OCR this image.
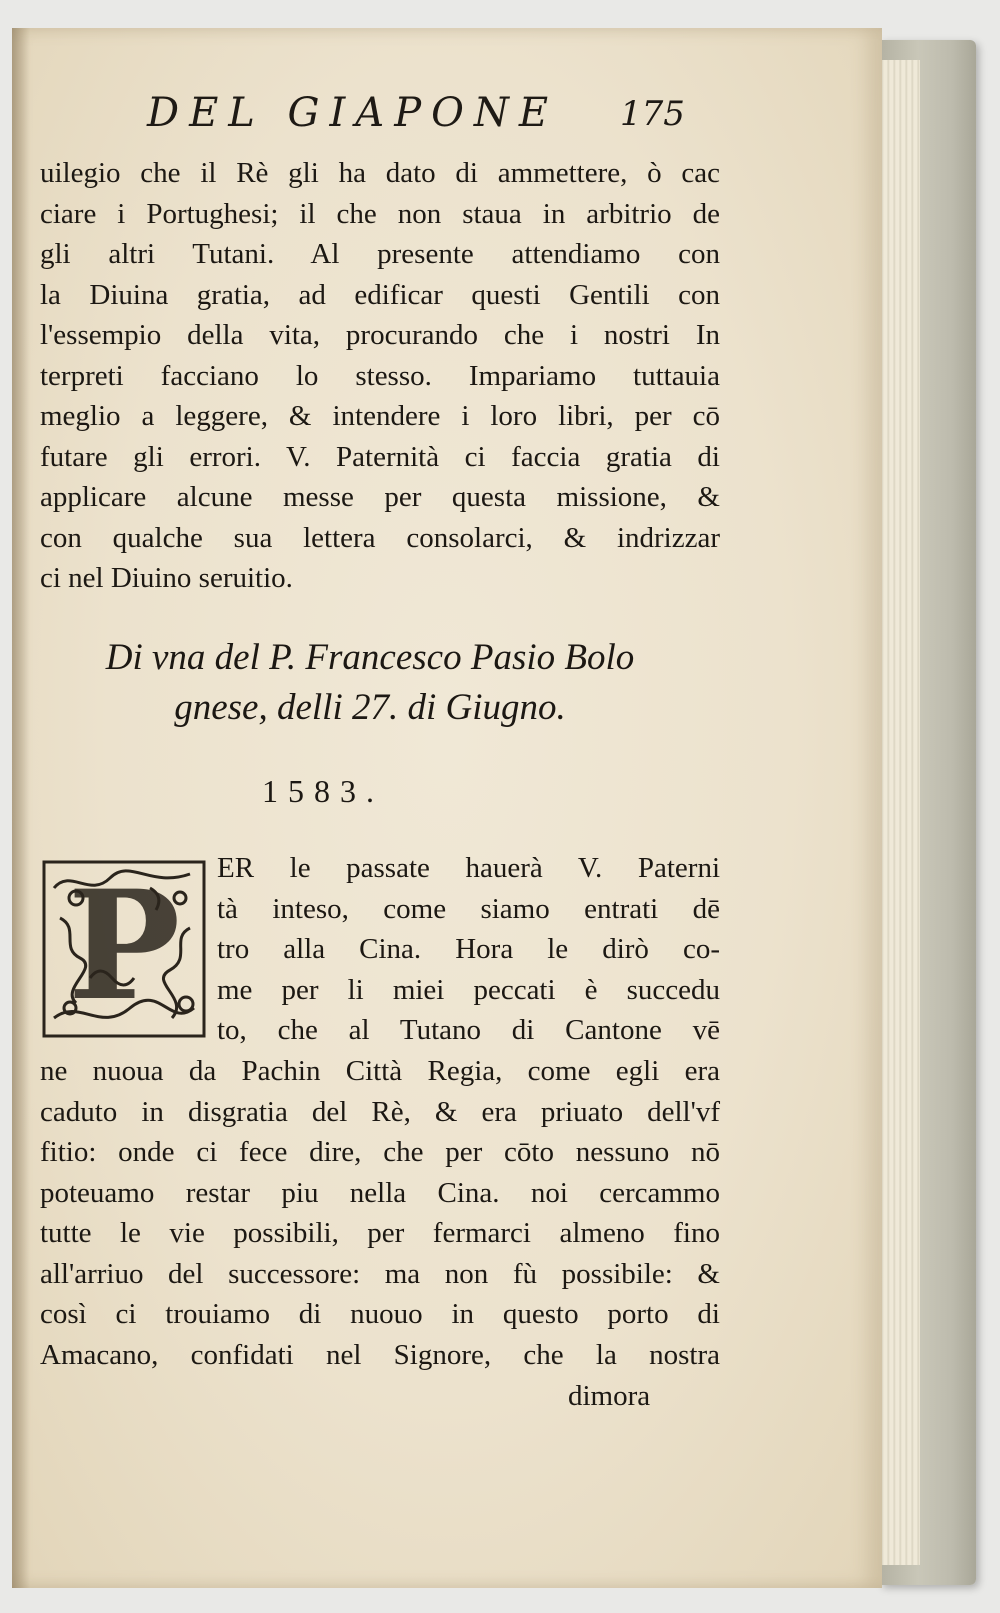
DEL GIAPONE	175
uilegio che il Rè gli ha dato di ammettere, ò cac
ciare i Portughesi; il che non staua in arbitrio de
gli altri Tutani. Al presente attendiamo con
la Diuina gratia, ad edificar questi Gentili con
l'essempio della vita, procurando che i nostri In
terpreti facciano lo stesso. Impariamo tuttauia
meglio a leggere, & intendere i loro libri, per cō
futare gli errori. V. Paternità ci faccia gratia di
applicare alcune messe per questa missione, &
con qualche sua lettera consolarci, & indrizzar
ci nel Diuino seruitio.
Di vna del P. Francesco Pasio Bolo
gnese, delli 27. di Giugno.
1583.
P ER le passate hauerà V. Paterni
tà inteso, come siamo entrati dē
tro alla Cina. Hora le dirò co-
me per li miei peccati è succedu
to, che al Tutano di Cantone vē
ne nuoua da Pachin Città Regia, come egli era
caduto in disgratia del Rè, & era priuato dell'vf
fitio: onde ci fece dire, che per cōto nessuno nō
poteuamo restar piu nella Cina. noi cercammo
tutte le vie possibili, per fermarci almeno fino
all'arriuo del successore: ma non fù possibile: &
così ci trouiamo di nuouo in questo porto di
Amacano, confidati nel Signore, che la nostra
dimora
